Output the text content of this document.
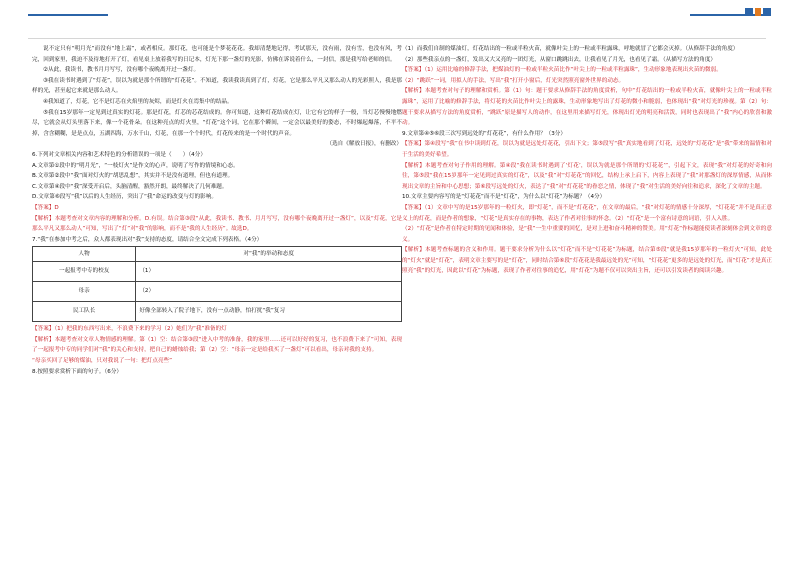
说不定只有“明月光”而没有“地上霜”，或者相反。那灯花，也可能是个梦花花花。我却清楚地记得，考试那天，没有雨，没有雪，也没有风，考完，回到家里，我迫不及待地打开了灯，看见桌上放着我写的日记本，灯光下那一盏灯的光影，仿佛在诉说着什么，一封信，那是我写给老师的信。

②从此，我读书，教书月月写写，没有哪个夜晚离开过一盏灯。

③我在读书时遇到了“灯花”，误以为就是那个所谓的“灯花花”。不知道，我读我读真到了灯，灯花，它是那么平凡又那么动人的光彩照人，我是那样的光，甚至起它来就是那么动人。

④我知道了，灯花，它不是灯芯在火焰里的灰烬，而是灯火在焉集中的结晶。

⑤我在15岁那年一定见到过真实的灯花。那是灯花，灯芯的芯花结成的。你可知道，这种灯花结成在灯，让它有它的样子一般，当灯芯慢慢地燃尽，它就会从灯头里落下来，像一个花骨朵。在这种亮点的灯火里，“灯花”这个词，它在那个瞬间，一定会以最美好的姿态，不时爆起爆落，不平不掉，含含糊糊，是是点点，五湖四海，万水千山，灯花，在那一个个时代，灯花传来的是一个时代的声音。

（选自《解放日报》，有删改）

6.下列对文章相关内容和艺术特色的分析错误的一项是（　　）（4分）

A.文章第①段中的“明月光”，“一枝灯火”是作文的心声，说明了写作的情境和心态。

B.文章第②段中“我”面对灯火的“胡思乱想”，其实并不是没有道理，但也有道理。

C.文章第④段中“我”深受开启后，头脑清醒，豁然开朗，最终解决了几何难题。

D.文章第⑥段写“我”以后的人生经历，突出了“我”命运的改变与灯的影响。

【答案】D

【解析】本题考查对文章内容的理解和分析。D.有误。结合第③段“从此，我读书、教书、月月写写，没有哪个夜晚离开过一盏灯”，以及“灯花，它是那么平凡又那么动人”可知，写出了“灯”对“我”的影响，而不是“我的人生经历”。故选D。

7.“我”在参加中考之后，众人都表现出对“我”支持的态度，请结合全文完成下列表格。（4分）

人物	对“我”的举动和态度
一起报考中专的校友	（1）
母亲	（2）
民工队长	好像全部转入了院子地下，没有一点动静，怕打扰“我”复习

【答案】（1）把我的东西写出来，不浪费下来的学习（2）她们为“我”准备的灯

【解析】本题考查对文章人物情感的理解。第（1）空：结合第③段“进入中考的准备，我的家里……还可以好好的复习，也不浪费下来了”可知，表现了一起报考中专的同学们对“我”的关心和支持，把自己的蜡烛给我；第（2）空：“母亲一定是给我买了一盏灯”可以看出，母亲对我的支持。

“母亲买回了足够的煤油，只对我说了一句：把灯点亮些”

8.按照要求赏析下面的句子。（6分）

（1）而我们自制的煤油灯，灯花结出的一粒或半粒火苗，就像叶尖上的一粒或半粒露珠，呼地就冒了它都会灭掉。（从修辞手法的角度）

（2）那些我亲点的一盏灯，发出又大又亮的一团灯光，从窗口跳跳出去，让我看见了月光，也看见了霜。（从描写方法的角度）

【答案】（1）运用比喻的修辞手法，把煤油灯的一粒或半粒火苗比作“叶尖上的一粒或半粒露珠”，生动形象地表现出火苗的微弱。

（2）“跳跃”一词，用拟人的手法，写出“我”打开小窗后，灯光突然照亮窗外世界的动态。

【解析】本题考查对句子的理解和赏析。第（1）句：题干要求从修辞手法的角度赏析，句中“灯花结出的一粒或半粒火苗，就像叶尖上的一粒或半粒露珠”，运用了比喻的修辞手法，将灯花的火苗比作叶尖上的露珠，生动形象地写出了灯花的微小和脆弱，也体现出“我”对灯光的珍视。第（2）句：题干要求从描写方法的角度赏析，“跳跃”原是描写人的动作，在这里用来描写灯光，体现出灯光的明亮和活泼，同时也表现出了“我”内心的欣喜和激动。

9.文章第④⑤⑥段三次写到远处的“灯花花”，有什么作用？（3分）

【答案】第④段写“我”在书中读到灯花，误以为就是远处灯花花，引出下文；第⑤段写“我”真实地看到了灯花，远处的“灯花花”是“我”带来的温情和对于生活的美好希望。

【解析】本题考查对句子作用的理解。第④段“我在读书时遇到了‘灯花’，误以为就是那个所谓的‘灯花花’”，引起下文，表现“我”对灯花的好奇和向往，第⑤段“我在15岁那年一定见到过真实的灯花”，以及“我”对“灯花花”的回忆，结构上承上启下，内容上表现了“我”对那盏灯的深厚情感，从而体现出文章的主旨和中心思想；第⑥段写远处的灯火，表达了“我”对“灯花花”的眷恋之情，体现了“我”对生活的美好向往和追求，深化了文章的主题。

10.文章主要内容写的是“灯花花”而不是“灯花”，为什么以“灯花”为标题？（4分）

【答案】（1）文章中写的是15岁那年的一粒灯火，即“灯花”，而不是“灯花花”，在文章的最后，“我”对灯花的情感十分深厚，“灯花花”并不是真正意义上的灯花，而是作者的想象，“灯花”是真实存在的事物，表达了作者对往事的怀念。（2）“灯花”是一个富有诗意的词语，引人入胜。

（2）“灯花”是作者在特定时期的见闻和体验，是“我”一生中重要的回忆，是对上进和奋斗精神的赞美。用“灯花”作标题能使读者深刻体会到文章的意义。

【解析】本题考查标题的含义和作用。题干要求分析为什么以“灯花”而不是“灯花花”为标题，结合第⑤段“就是我15岁那年的一粒灯火”可知，此处的“灯火”就是“灯花”，表明文章主要写的是“灯花”，同时结合第⑥段“灯花花是我最远处的光”可知，“灯花花”更多的是远处的灯光，而“灯花”才是真正照亮“我”的灯光，因此以“灯花”为标题，表现了作者对往事的追忆，用“灯花”为题不仅可以突出主旨，还可以引发读者的阅读兴趣。
